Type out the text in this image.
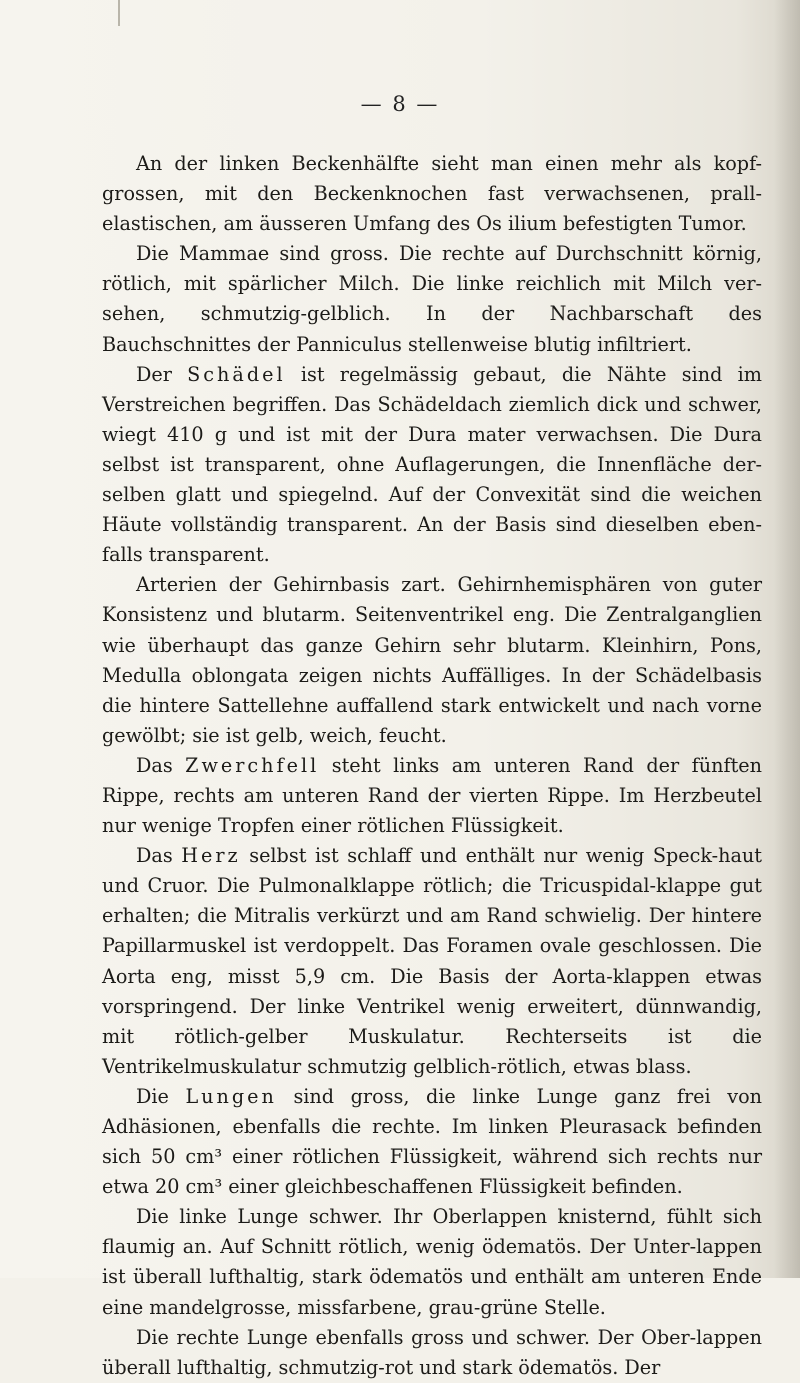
— 8 —

An der linken Beckenhälfte sieht man einen mehr als kopf-grossen, mit den Beckenknochen fast verwachsenen, prall-elastischen, am äusseren Umfang des Os ilium befestigten Tumor.

Die Mammae sind gross. Die rechte auf Durchschnitt körnig, rötlich, mit spärlicher Milch. Die linke reichlich mit Milch ver-sehen, schmutzig-gelblich. In der Nachbarschaft des Bauchschnittes der Panniculus stellenweise blutig infiltriert.

Der Schädel ist regelmässig gebaut, die Nähte sind im Verstreichen begriffen. Das Schädeldach ziemlich dick und schwer, wiegt 410 g und ist mit der Dura mater verwachsen. Die Dura selbst ist transparent, ohne Auflagerungen, die Innenfläche der-selben glatt und spiegelnd. Auf der Convexität sind die weichen Häute vollständig transparent. An der Basis sind dieselben eben-falls transparent.

Arterien der Gehirnbasis zart. Gehirnhemisphären von guter Konsistenz und blutarm. Seitenventrikel eng. Die Zentralganglien wie überhaupt das ganze Gehirn sehr blutarm. Kleinhirn, Pons, Medulla oblongata zeigen nichts Auffälliges. In der Schädelbasis die hintere Sattellehne auffallend stark entwickelt und nach vorne gewölbt; sie ist gelb, weich, feucht.

Das Zwerchfell steht links am unteren Rand der fünften Rippe, rechts am unteren Rand der vierten Rippe. Im Herzbeutel nur wenige Tropfen einer rötlichen Flüssigkeit.

Das Herz selbst ist schlaff und enthält nur wenig Speck-haut und Cruor. Die Pulmonalklappe rötlich; die Tricuspidal-klappe gut erhalten; die Mitralis verkürzt und am Rand schwielig. Der hintere Papillarmuskel ist verdoppelt. Das Foramen ovale geschlossen. Die Aorta eng, misst 5,9 cm. Die Basis der Aorta-klappen etwas vorspringend. Der linke Ventrikel wenig erweitert, dünnwandig, mit rötlich-gelber Muskulatur. Rechterseits ist die Ventrikelmuskulatur schmutzig gelblich-rötlich, etwas blass.

Die Lungen sind gross, die linke Lunge ganz frei von Adhäsionen, ebenfalls die rechte. Im linken Pleurasack befinden sich 50 cm³ einer rötlichen Flüssigkeit, während sich rechts nur etwa 20 cm³ einer gleichbeschaffenen Flüssigkeit befinden.

Die linke Lunge schwer. Ihr Oberlappen knisternd, fühlt sich flaumig an. Auf Schnitt rötlich, wenig ödematös. Der Unter-lappen ist überall lufthaltig, stark ödematös und enthält am unteren Ende eine mandelgrosse, missfarbene, grau-grüne Stelle.

Die rechte Lunge ebenfalls gross und schwer. Der Ober-lappen überall lufthaltig, schmutzig-rot und stark ödematös. Der
